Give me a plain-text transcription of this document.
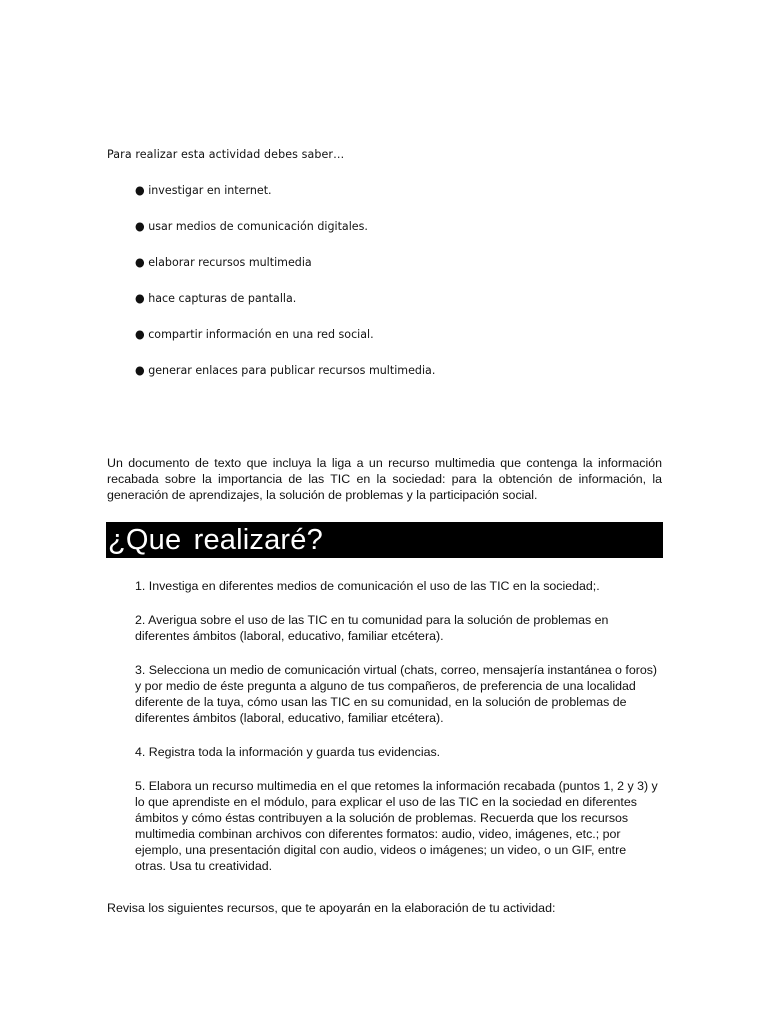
Para realizar esta actividad debes saber…
● investigar en internet.
● usar medios de comunicación digitales.
● elaborar recursos multimedia
● hace capturas de pantalla.
● compartir información en una red social.
● generar enlaces para publicar recursos multimedia.

Un documento de texto que incluya la liga a un recurso multimedia que contenga la información recabada sobre la importancia de las TIC en la sociedad: para la obtención de información, la generación de aprendizajes, la solución de problemas y la participación social.

¿Que realizaré?
1. Investiga en diferentes medios de comunicación el uso de las TIC en la sociedad;.
2. Averigua sobre el uso de las TIC en tu comunidad para la solución de problemas en diferentes ámbitos (laboral, educativo, familiar etcétera).
3. Selecciona un medio de comunicación virtual (chats, correo, mensajería instantánea o foros) y por medio de éste pregunta a alguno de tus compañeros, de preferencia de una localidad diferente de la tuya, cómo usan las TIC en su comunidad, en la solución de problemas de diferentes ámbitos (laboral, educativo, familiar etcétera).
4. Registra toda la información y guarda tus evidencias.
5. Elabora un recurso multimedia en el que retomes la información recabada (puntos 1, 2 y 3) y lo que aprendiste en el módulo, para explicar el uso de las TIC en la sociedad en diferentes ámbitos y cómo éstas contribuyen a la solución de problemas. Recuerda que los recursos multimedia combinan archivos con diferentes formatos: audio, video, imágenes, etc.; por ejemplo, una presentación digital con audio, videos o imágenes; un video, o un GIF, entre otras. Usa tu creatividad.
Revisa los siguientes recursos, que te apoyarán en la elaboración de tu actividad:
